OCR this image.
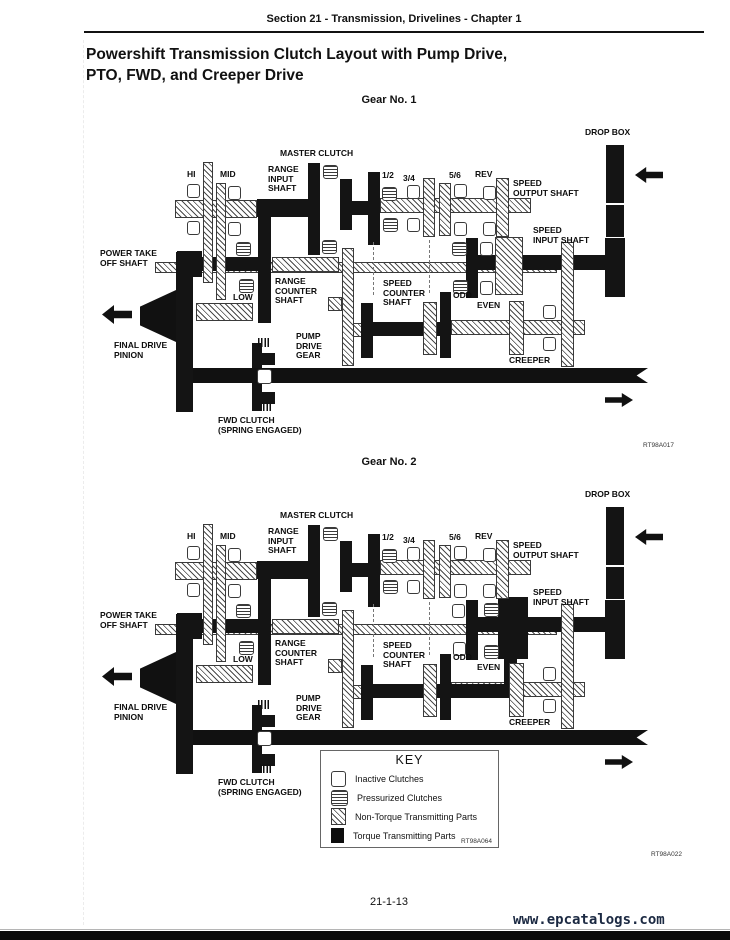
Section 21 - Transmission, Drivelines - Chapter 1
Powershift Transmission Clutch Layout with Pump Drive,
PTO, FWD, and Creeper Drive
Gear No. 1
HI	MID
MASTER CLUTCH
RANGE
INPUT
SHAFT
1/2 3/4	5/6 REV
SPEED
OUTPUT SHAFT
DROP BOX
SPEED
INPUT SHAFT
POWER TAKE
OFF SHAFT
RANGE
COUNTER
SHAFT
LOW
SPEED
COUNTER
SHAFT
ODD
EVEN
FINAL DRIVE
PINION
PUMP
DRIVE
GEAR	CREEPER
FWD CLUTCH
(SPRING ENGAGED)
RT98A017
Gear No. 2
HI	MID
MASTER CLUTCH
RANGE
INPUT
SHAFT
1/2 3/4	5/6 REV
SPEED
OUTPUT SHAFT
DROP BOX
SPEED
INPUT SHAFT
POWER TAKE
OFF SHAFT
RANGE
COUNTER
SHAFT
LOW
SPEED
COUNTER
SHAFT
ODD
EVEN
FINAL DRIVE
PINION
PUMP
DRIVE
GEAR	CREEPER
FWD CLUTCH
(SPRING ENGAGED)
RT98A022
KEY
Inactive Clutches
Pressurized Clutches
Non-Torque Transmitting Parts
Torque Transmitting Parts
RT98A064
21-1-13
www.epcatalogs.com
